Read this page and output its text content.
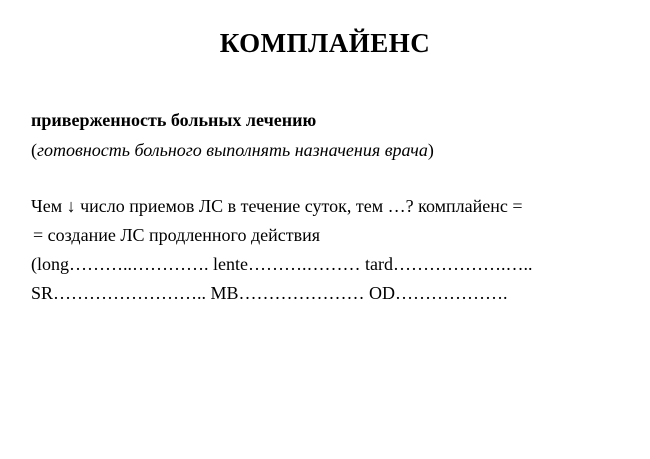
КОМПЛАЙЕНС
приверженность больных лечению
(готовность больного выполнять назначения врача)
Чем ↓ число приемов ЛС в течение суток, тем …? комплайенс =
= создание ЛС продленного действия
(long………..…………. lente……….……… tard……………….…..
SR…………………….. MB………………… OD……………….
